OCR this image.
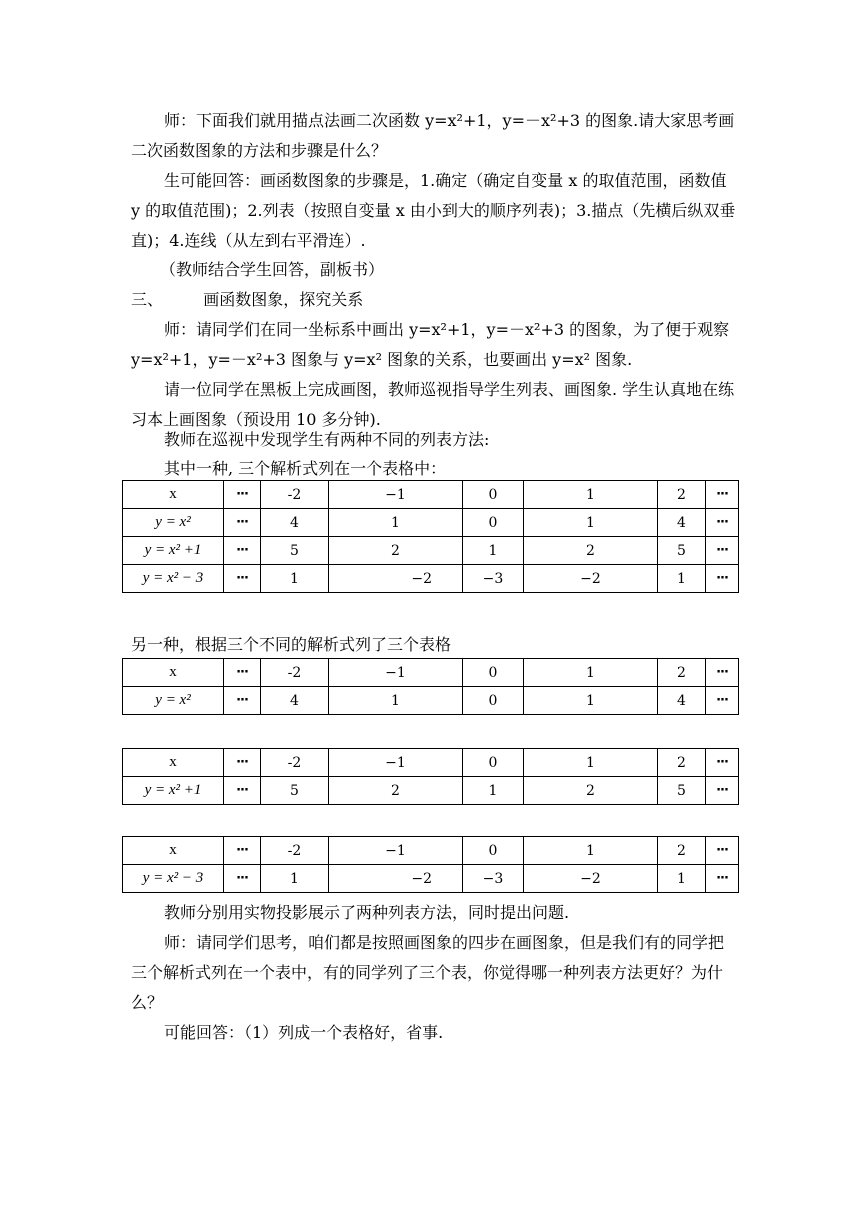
师：下面我们就用描点法画二次函数 y=x²+1，y=－x²+3 的图象.请大家思考画二次函数图象的方法和步骤是什么？

生可能回答：画函数图象的步骤是，1.确定（确定自变量 x 的取值范围，函数值 y 的取值范围)；2.列表（按照自变量 x 由小到大的顺序列表)；3.描点（先横后纵双垂直)；4.连线（从左到右平滑连）.

（教师结合学生回答，副板书）

三、	画函数图象，探究关系

师：请同学们在同一坐标系中画出 y=x²+1，y=－x²+3 的图象，为了便于观察 y=x²+1，y=－x²+3 图象与 y=x² 图象的关系，也要画出 y=x² 图象.

请一位同学在黑板上完成画图，教师巡视指导学生列表、画图象. 学生认真地在练习本上画图象（预设用 10 多分钟).

教师在巡视中发现学生有两种不同的列表方法:

其中一种, 三个解析式列在一个表格中：

x	···	-2	−1	0	1	2	···
y = x²	···	4	1	0	1	4	···
y = x² +1	···	5	2	1	2	5	···
y = x² − 3	···	1	−2	−3	−2	1	···

另一种，根据三个不同的解析式列了三个表格

x	···	-2	−1	0	1	2	···
y = x²	···	4	1	0	1	4	···
x	···	-2	−1	0	1	2	···
y = x² +1	···	5	2	1	2	5	···
x	···	-2	−1	0	1	2	···
y = x² − 3	···	1	−2	−3	−2	1	···

教师分别用实物投影展示了两种列表方法，同时提出问题.

师：请同学们思考，咱们都是按照画图象的四步在画图象，但是我们有的同学把三个解析式列在一个表中，有的同学列了三个表，你觉得哪一种列表方法更好？为什么？

可能回答：（1）列成一个表格好，省事.
